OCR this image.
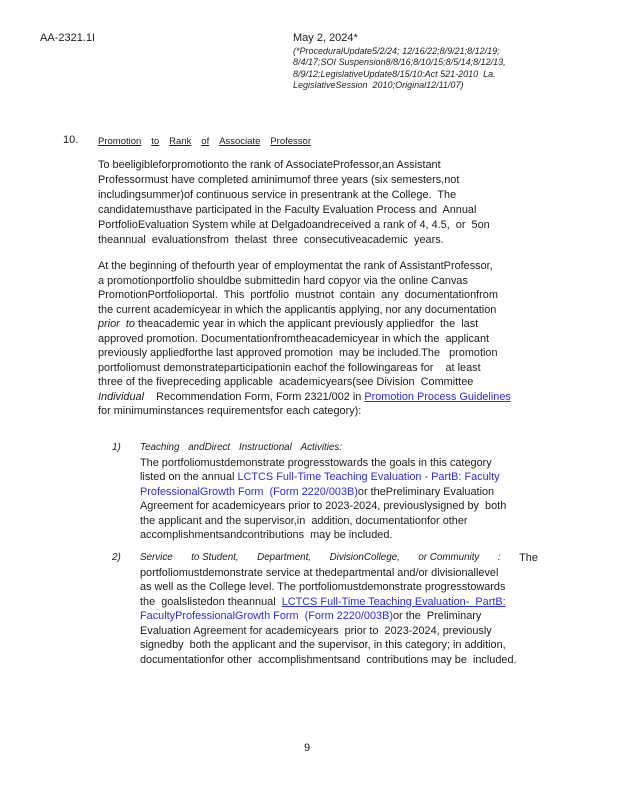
AA-2321.1I	May 2, 2024*
(*ProceduralUpdate5/2/24; 12/16/22;8/9/21;8/12/19;
8/4/17;SOI Suspension8/8/16;8/10/15;8/5/14;8/12/13,
8/9/12;LegislativeUpdate8/15/10:Act 521-2010  La.
LegislativeSession  2010;Original12/11/07)
10.	Promotion to Rank of Associate Professor
To beeligibleforpromotionto the rank of AssociateProfessor,an Assistant
Professormust have completed aminimumof three years (six semesters,not
includingsummer)of continuous service in presentrank at the College.  The
candidatemusthave participated in the Faculty Evaluation Process and  Annual
PortfolioEvaluation System while at Delgadoandreceived a rank of 4, 4.5,  or  5on
theannual  evaluationsfrom  thelast  three  consecutiveacademic  years.
At the beginning of thefourth year of employmentat the rank of AssistantProfessor,
a promotionportfolio shouldbe submittedin hard copyor via the online Canvas
PromotionPortfolioportal.  This  portfolio  mustnot  contain  any  documentationfrom
the current academicyear in which the applicantis applying, nor any documentation
prior  to theacademic year in which the applicant previously appliedfor  the  last
approved promotion. Documentationfromtheacademicyear in which the  applicant
previously appliedforthe last approved promotion  may be included.The   promotion
portfoliomust demonstrateparticipationin eachof the followingareas for    at least
three of the fivepreceding applicable  academicyears(see Division  Committee
Individual    Recommendation Form, Form 2321/002 in Promotion Process Guidelines
for minimuminstances requirementsfor each category):
1)	Teaching andDirect Instructional Activities:
The portfoliomustdemonstrate progresstowards the goals in this category
listed on the annual LCTCS Full-Time Teaching Evaluation - PartB: Faculty
ProfessionalGrowth Form  (Form 2220/003B)or thePreliminary Evaluation
Agreement for academicyears prior to 2023-2024, previouslysigned by  both
the applicant and the supervisor,in  addition, documentationfor other
accomplishmentsandcontributions  may be included.
2)	Service to Student, Department, DivisionCollege, or Community : The
portfoliomustdemonstrate service at thedepartmental and/or divisionallevel
as well as the College level. The portfoliomustdemonstrate progresstowards
the  goalslistedon theannual  LCTCS Full-Time Teaching Evaluation-  PartB:
FacultyProfessionalGrowth Form  (Form 2220/003B)or the  Preliminary
Evaluation Agreement for academicyears  prior to  2023-2024, previously
signedby  both the applicant and the supervisor, in this category; in addition,
documentationfor other  accomplishmentsand  contributions may be  included.
9
